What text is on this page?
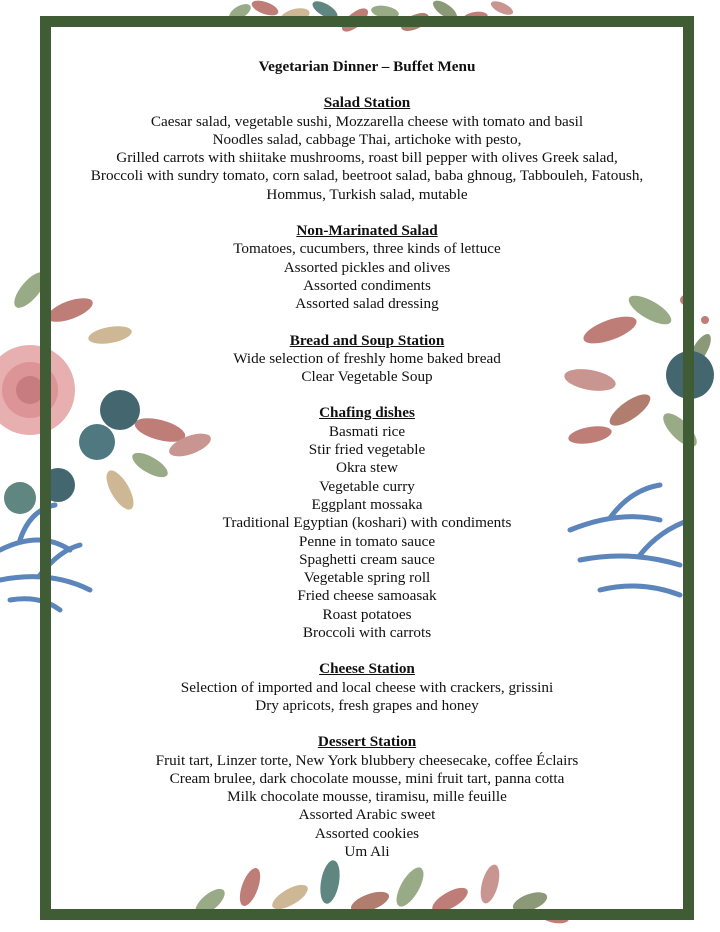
Vegetarian Dinner – Buffet Menu
Salad Station
Caesar salad, vegetable sushi, Mozzarella cheese with tomato and basil
Noodles salad, cabbage Thai, artichoke with pesto,
Grilled carrots with shiitake mushrooms, roast bill pepper with olives Greek salad,
Broccoli with sundry tomato, corn salad, beetroot salad, baba ghnoug, Tabbouleh, Fatoush,
Hommus, Turkish salad, mutable
Non-Marinated Salad
Tomatoes, cucumbers, three kinds of lettuce
Assorted pickles and olives
Assorted condiments
Assorted salad dressing
Bread and Soup Station
Wide selection of freshly home baked bread
Clear Vegetable Soup
Chafing dishes
Basmati rice
Stir fried vegetable
Okra stew
Vegetable curry
Eggplant mossaka
Traditional Egyptian (koshari) with condiments
Penne in tomato sauce
Spaghetti cream sauce
Vegetable spring roll
Fried cheese samoasak
Roast potatoes
Broccoli with carrots
Cheese Station
Selection of imported and local cheese with crackers, grissini
Dry apricots, fresh grapes and honey
Dessert Station
Fruit tart, Linzer torte, New York blubbery cheesecake, coffee Éclairs
Cream brulee, dark chocolate mousse, mini fruit tart, panna cotta
Milk chocolate mousse, tiramisu, mille feuille
Assorted Arabic sweet
Assorted cookies
Um Ali
